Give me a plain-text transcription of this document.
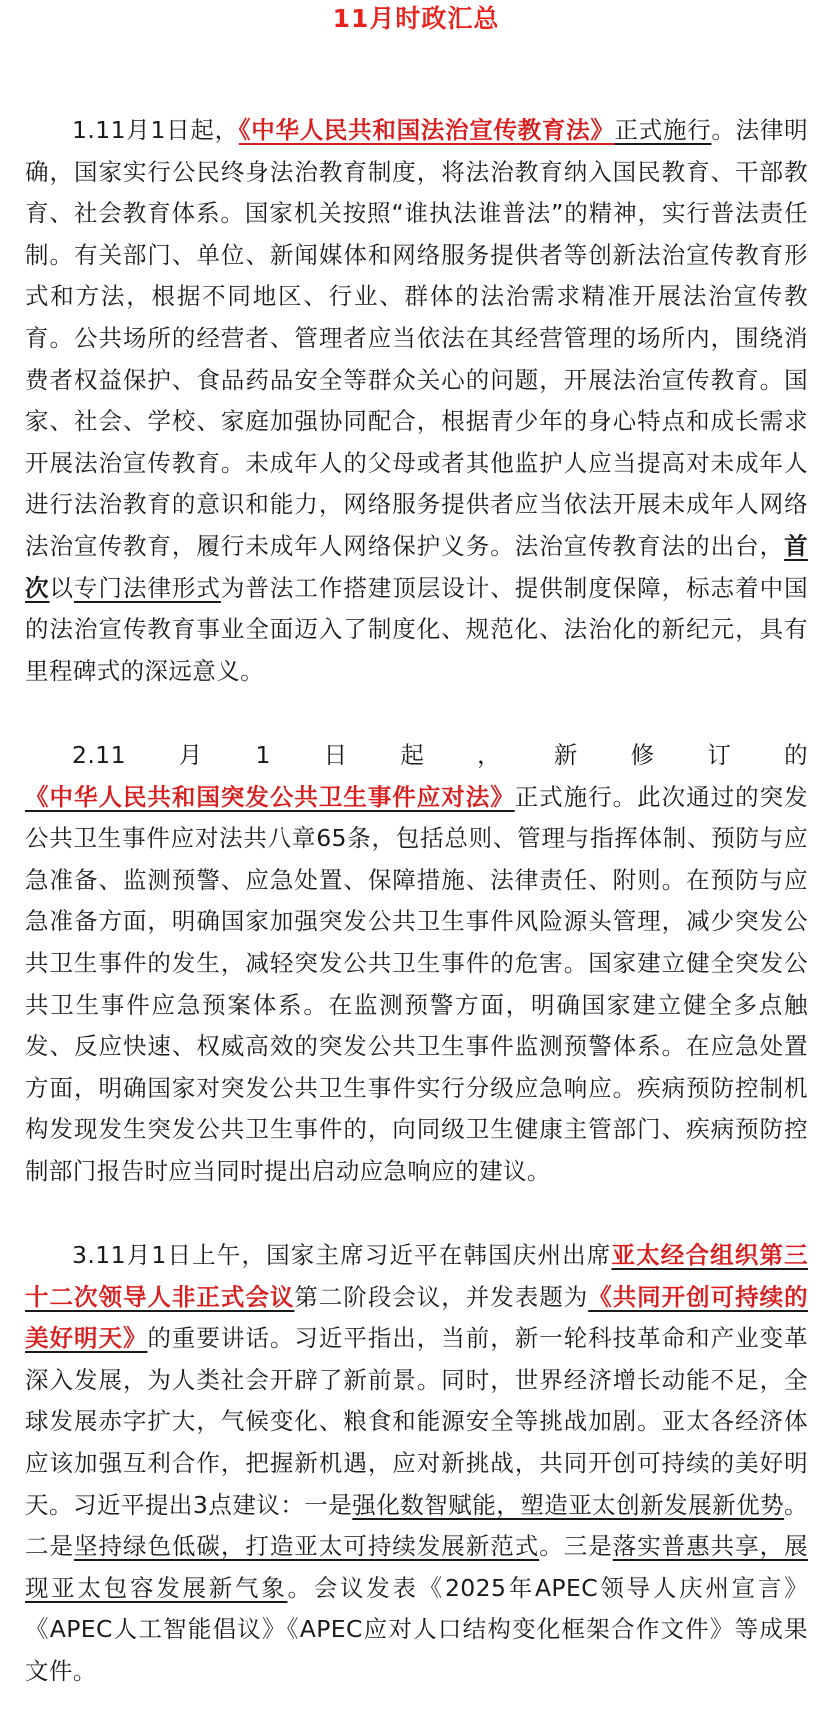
11月时政汇总

1.11月1日起，《中华人民共和国法治宣传教育法》正式施行。法律明确，国家实行公民终身法治教育制度，将法治教育纳入国民教育、干部教育、社会教育体系。国家机关按照“谁执法谁普法”的精神，实行普法责任制。有关部门、单位、新闻媒体和网络服务提供者等创新法治宣传教育形式和方法，根据不同地区、行业、群体的法治需求精准开展法治宣传教育。公共场所的经营者、管理者应当依法在其经营管理的场所内，围绕消费者权益保护、食品药品安全等群众关心的问题，开展法治宣传教育。国家、社会、学校、家庭加强协同配合，根据青少年的身心特点和成长需求开展法治宣传教育。未成年人的父母或者其他监护人应当提高对未成年人进行法治教育的意识和能力，网络服务提供者应当依法开展未成年人网络法治宣传教育，履行未成年人网络保护义务。法治宣传教育法的出台，首次以专门法律形式为普法工作搭建顶层设计、提供制度保障，标志着中国的法治宣传教育事业全面迈入了制度化、规范化、法治化的新纪元，具有里程碑式的深远意义。

2.11月1日起，新修订的《中华人民共和国突发公共卫生事件应对法》正式施行。此次通过的突发公共卫生事件应对法共八章65条，包括总则、管理与指挥体制、预防与应急准备、监测预警、应急处置、保障措施、法律责任、附则。在预防与应急准备方面，明确国家加强突发公共卫生事件风险源头管理，减少突发公共卫生事件的发生，减轻突发公共卫生事件的危害。国家建立健全突发公共卫生事件应急预案体系。在监测预警方面，明确国家建立健全多点触发、反应快速、权威高效的突发公共卫生事件监测预警体系。在应急处置方面，明确国家对突发公共卫生事件实行分级应急响应。疾病预防控制机构发现发生突发公共卫生事件的，向同级卫生健康主管部门、疾病预防控制部门报告时应当同时提出启动应急响应的建议。

3.11月1日上午，国家主席习近平在韩国庆州出席亚太经合组织第三十二次领导人非正式会议第二阶段会议，并发表题为《共同开创可持续的美好明天》的重要讲话。习近平指出，当前，新一轮科技革命和产业变革深入发展，为人类社会开辟了新前景。同时，世界经济增长动能不足，全球发展赤字扩大，气候变化、粮食和能源安全等挑战加剧。亚太各经济体应该加强互利合作，把握新机遇，应对新挑战，共同开创可持续的美好明天。习近平提出3点建议：一是强化数智赋能，塑造亚太创新发展新优势。二是坚持绿色低碳，打造亚太可持续发展新范式。三是落实普惠共享，展现亚太包容发展新气象。会议发表《2025年APEC领导人庆州宣言》《APEC人工智能倡议》《APEC应对人口结构变化框架合作文件》等成果文件。
